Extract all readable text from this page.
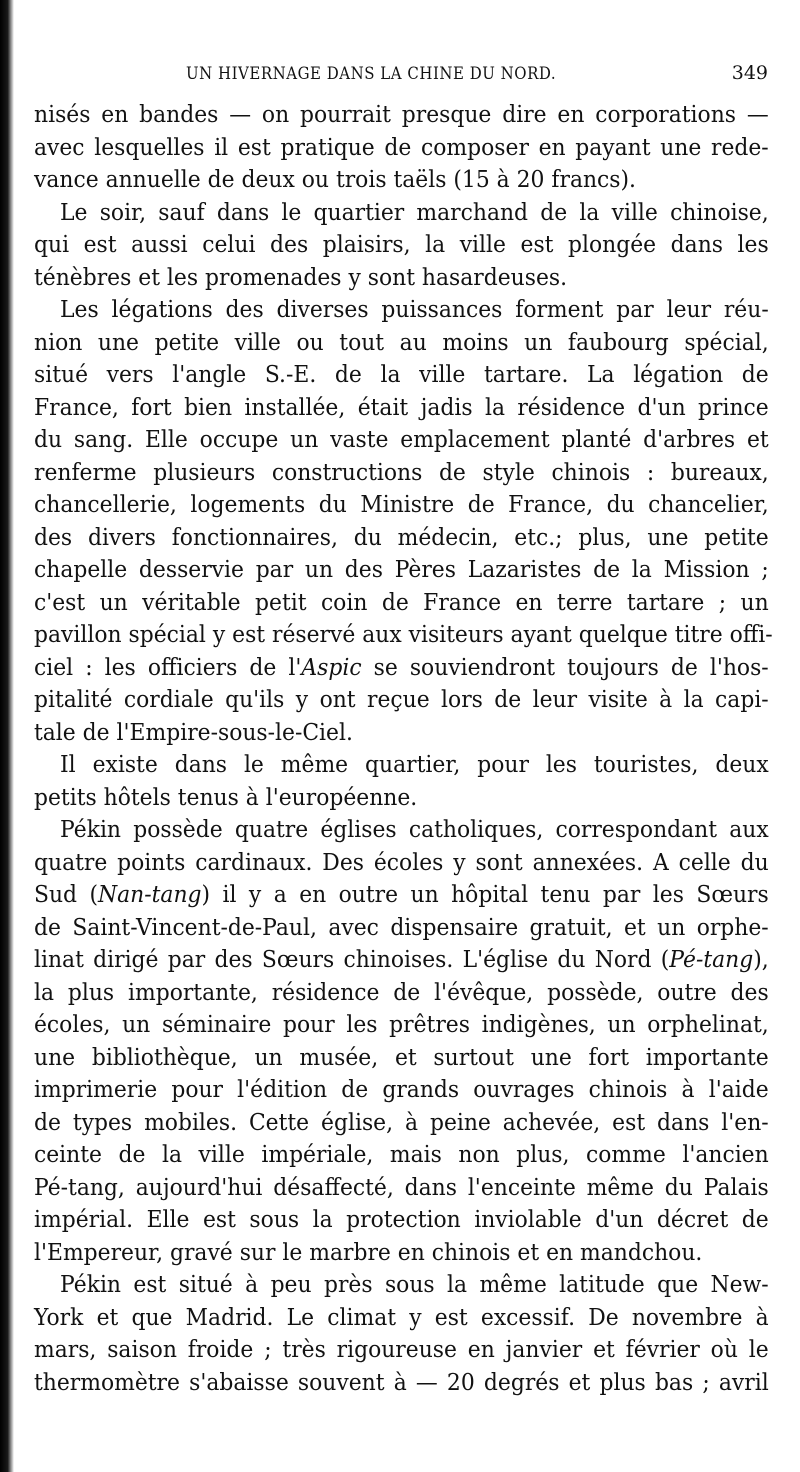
UN HIVERNAGE DANS LA CHINE DU NORD.	349
nisés en bandes — on pourrait presque dire en corporations —
avec lesquelles il est pratique de composer en payant une rede-
vance annuelle de deux ou trois taëls (15 à 20 francs).
Le soir, sauf dans le quartier marchand de la ville chinoise,
qui est aussi celui des plaisirs, la ville est plongée dans les
ténèbres et les promenades y sont hasardeuses.
Les légations des diverses puissances forment par leur réu-
nion une petite ville ou tout au moins un faubourg spécial,
situé vers l'angle S.-E. de la ville tartare. La légation de
France, fort bien installée, était jadis la résidence d'un prince
du sang. Elle occupe un vaste emplacement planté d'arbres et
renferme plusieurs constructions de style chinois : bureaux,
chancellerie, logements du Ministre de France, du chancelier,
des divers fonctionnaires, du médecin, etc.; plus, une petite
chapelle desservie par un des Pères Lazaristes de la Mission ;
c'est un véritable petit coin de France en terre tartare ; un
pavillon spécial y est réservé aux visiteurs ayant quelque titre offi-
ciel : les officiers de l'Aspic se souviendront toujours de l'hos-
pitalité cordiale qu'ils y ont reçue lors de leur visite à la capi-
tale de l'Empire-sous-le-Ciel.
Il existe dans le même quartier, pour les touristes, deux
petits hôtels tenus à l'européenne.
Pékin possède quatre églises catholiques, correspondant aux
quatre points cardinaux. Des écoles y sont annexées. A celle du
Sud (Nan-tang) il y a en outre un hôpital tenu par les Sœurs
de Saint-Vincent-de-Paul, avec dispensaire gratuit, et un orphe-
linat dirigé par des Sœurs chinoises. L'église du Nord (Pé-tang),
la plus importante, résidence de l'évêque, possède, outre des
écoles, un séminaire pour les prêtres indigènes, un orphelinat,
une bibliothèque, un musée, et surtout une fort importante
imprimerie pour l'édition de grands ouvrages chinois à l'aide
de types mobiles. Cette église, à peine achevée, est dans l'en-
ceinte de la ville impériale, mais non plus, comme l'ancien
Pé-tang, aujourd'hui désaffecté, dans l'enceinte même du Palais
impérial. Elle est sous la protection inviolable d'un décret de
l'Empereur, gravé sur le marbre en chinois et en mandchou.
Pékin est situé à peu près sous la même latitude que New-
York et que Madrid. Le climat y est excessif. De novembre à
mars, saison froide ; très rigoureuse en janvier et février où le
thermomètre s'abaisse souvent à — 20 degrés et plus bas ; avril
